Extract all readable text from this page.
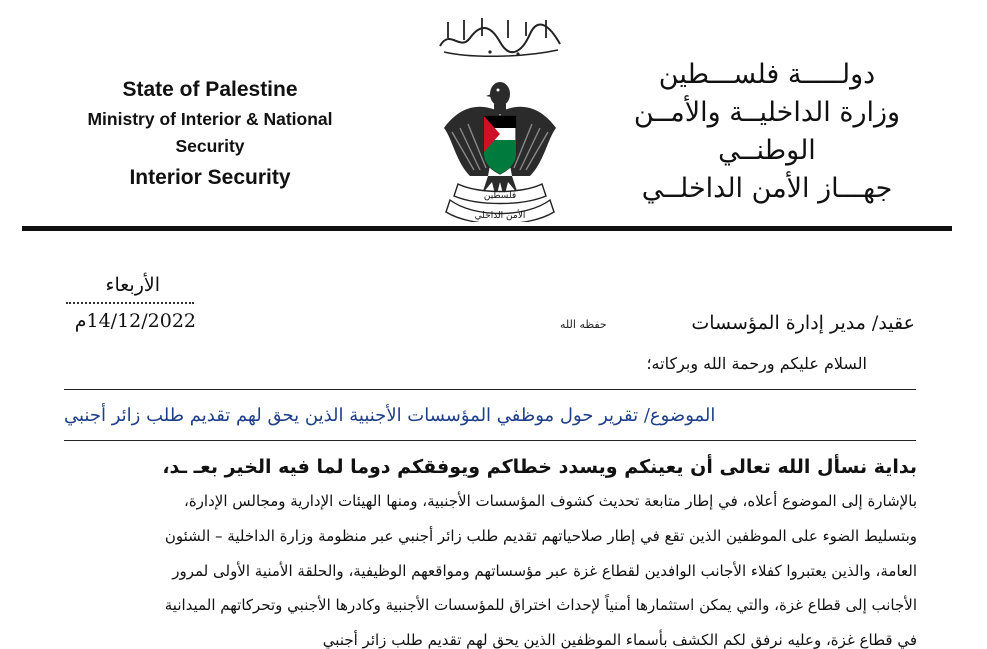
State of Palestine
Ministry of Interior & National
Security
Interior Security
فلسطين
الأمن الداخلي
دولـــــة فلســـطين
وزارة الداخليــة والأمــن
الوطنــي
جهـــاز الأمن الداخلــي
الأربعاء
14/12/2022م	عقيد/ مدير إدارة المؤسسات
حفظه الله
السلام عليكم ورحمة الله وبركاته؛
الموضوع/ تقرير حول موظفي المؤسسات الأجنبية الذين يحق لهم تقديم طلب زائر أجنبي
بداية نسأل الله تعالى أن يعينكم ويسدد خطاكم ويوفقكم دوما لما فيه الخير بعـ ـد،
بالإشارة إلى الموضوع أعلاه، في إطار متابعة تحديث كشوف المؤسسات الأجنبية، ومنها الهيئات الإدارية ومجالس الإدارة،
وبتسليط الضوء على الموظفين الذين تقع في إطار صلاحياتهم تقديم طلب زائر أجنبي عبر منظومة وزارة الداخلية – الشئون
العامة، والذين يعتبروا كفلاء الأجانب الوافدين لقطاع غزة عبر مؤسساتهم ومواقعهم الوظيفية، والحلقة الأمنية الأولى لمرور
الأجانب إلى قطاع غزة، والتي يمكن استثمارها أمنياً لإحداث اختراق للمؤسسات الأجنبية وكادرها الأجنبي وتحركاتهم الميدانية
في قطاع غزة، وعليه نرفق لكم الكشف بأسماء الموظفين الذين يحق لهم تقديم طلب زائر أجنبي
